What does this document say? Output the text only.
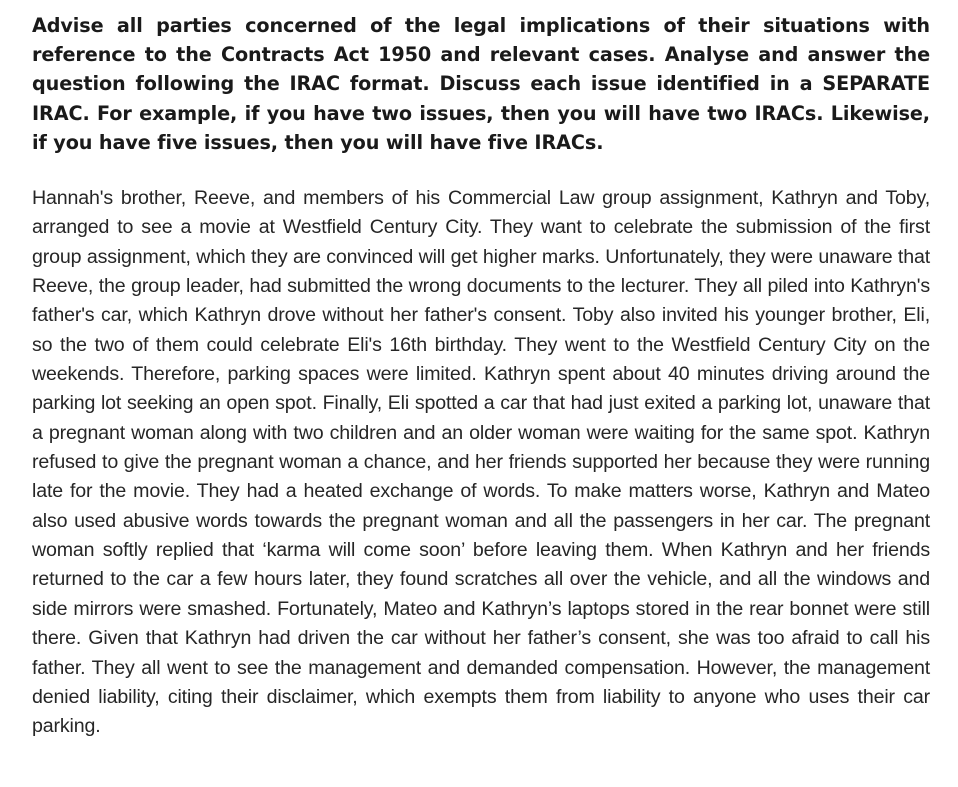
Advise all parties concerned of the legal implications of their situations with reference to the Contracts Act 1950 and relevant cases. Analyse and answer the question following the IRAC format. Discuss each issue identified in a SEPARATE IRAC. For example, if you have two issues, then you will have two IRACs. Likewise, if you have five issues, then you will have five IRACs.

Hannah's brother, Reeve, and members of his Commercial Law group assignment, Kathryn and Toby, arranged to see a movie at Westfield Century City. They want to celebrate the submission of the first group assignment, which they are convinced will get higher marks. Unfortunately, they were unaware that Reeve, the group leader, had submitted the wrong documents to the lecturer. They all piled into Kathryn's father's car, which Kathryn drove without her father's consent. Toby also invited his younger brother, Eli, so the two of them could celebrate Eli's 16th birthday. They went to the Westfield Century City on the weekends. Therefore, parking spaces were limited. Kathryn spent about 40 minutes driving around the parking lot seeking an open spot. Finally, Eli spotted a car that had just exited a parking lot, unaware that a pregnant woman along with two children and an older woman were waiting for the same spot. Kathryn refused to give the pregnant woman a chance, and her friends supported her because they were running late for the movie. They had a heated exchange of words. To make matters worse, Kathryn and Mateo also used abusive words towards the pregnant woman and all the passengers in her car. The pregnant woman softly replied that ‘karma will come soon’ before leaving them. When Kathryn and her friends returned to the car a few hours later, they found scratches all over the vehicle, and all the windows and side mirrors were smashed. Fortunately, Mateo and Kathryn’s laptops stored in the rear bonnet were still there. Given that Kathryn had driven the car without her father’s consent, she was too afraid to call his father. They all went to see the management and demanded compensation. However, the management denied liability, citing their disclaimer, which exempts them from liability to anyone who uses their car parking.
